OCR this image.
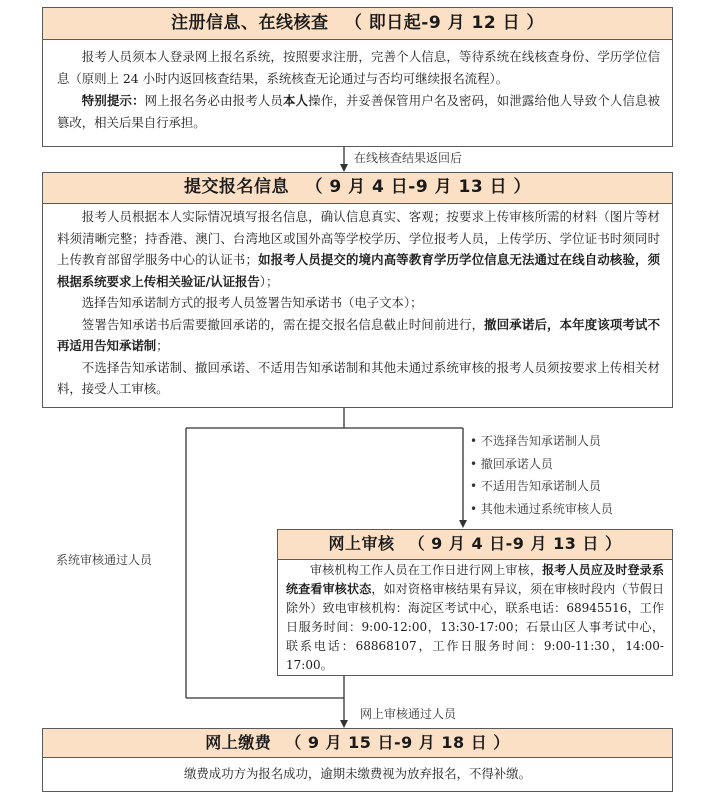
注册信息、在线核查 （ 即日起-9 月 12 日 ）

报考人员须本人登录网上报名系统，按照要求注册，完善个人信息，等待系统在线核查身份、学历学位信息（原则上 24 小时内返回核查结果，系统核查无论通过与否均可继续报名流程）。

特别提示：网上报名务必由报考人员本人操作，并妥善保管用户名及密码，如泄露给他人导致个人信息被篡改，相关后果自行承担。

在线核查结果返回后
提交报名信息 （ 9 月 4 日-9 月 13 日 ）

报考人员根据本人实际情况填写报名信息，确认信息真实、客观；按要求上传审核所需的材料（图片等材料须清晰完整；持香港、澳门、台湾地区或国外高等学校学历、学位报考人员，上传学历、学位证书时须同时上传教育部留学服务中心的认证书；如报考人员提交的境内高等教育学历学位信息无法通过在线自动核验，须根据系统要求上传相关验证/认证报告）；

选择告知承诺制方式的报考人员签署告知承诺书（电子文本）；

签署告知承诺书后需要撤回承诺的，需在提交报名信息截止时间前进行，撤回承诺后，本年度该项考试不再适用告知承诺制；

不选择告知承诺制、撤回承诺、不适用告知承诺制和其他未通过系统审核的报考人员须按要求上传相关材料，接受人工审核。

• 不选择告知承诺制人员
• 撤回承诺人员
• 不适用告知承诺制人员
• 其他未通过系统审核人员
系统审核通过人员
网上审核 （ 9 月 4 日-9 月 13 日 ）

审核机构工作人员在工作日进行网上审核，报考人员应及时登录系统查看审核状态，如对资格审核结果有异议，须在审核时段内（节假日除外）致电审核机构：海淀区考试中心，联系电话：68945516，工作日服务时间：9:00-12:00，13:30-17:00；石景山区人事考试中心，联系电话：68868107，工作日服务时间：9:00-11:30，14:00-17:00。

网上审核通过人员
网上缴费 （ 9 月 15 日-9 月 18 日 ）
缴费成功方为报名成功，逾期未缴费视为放弃报名，不得补缴。
